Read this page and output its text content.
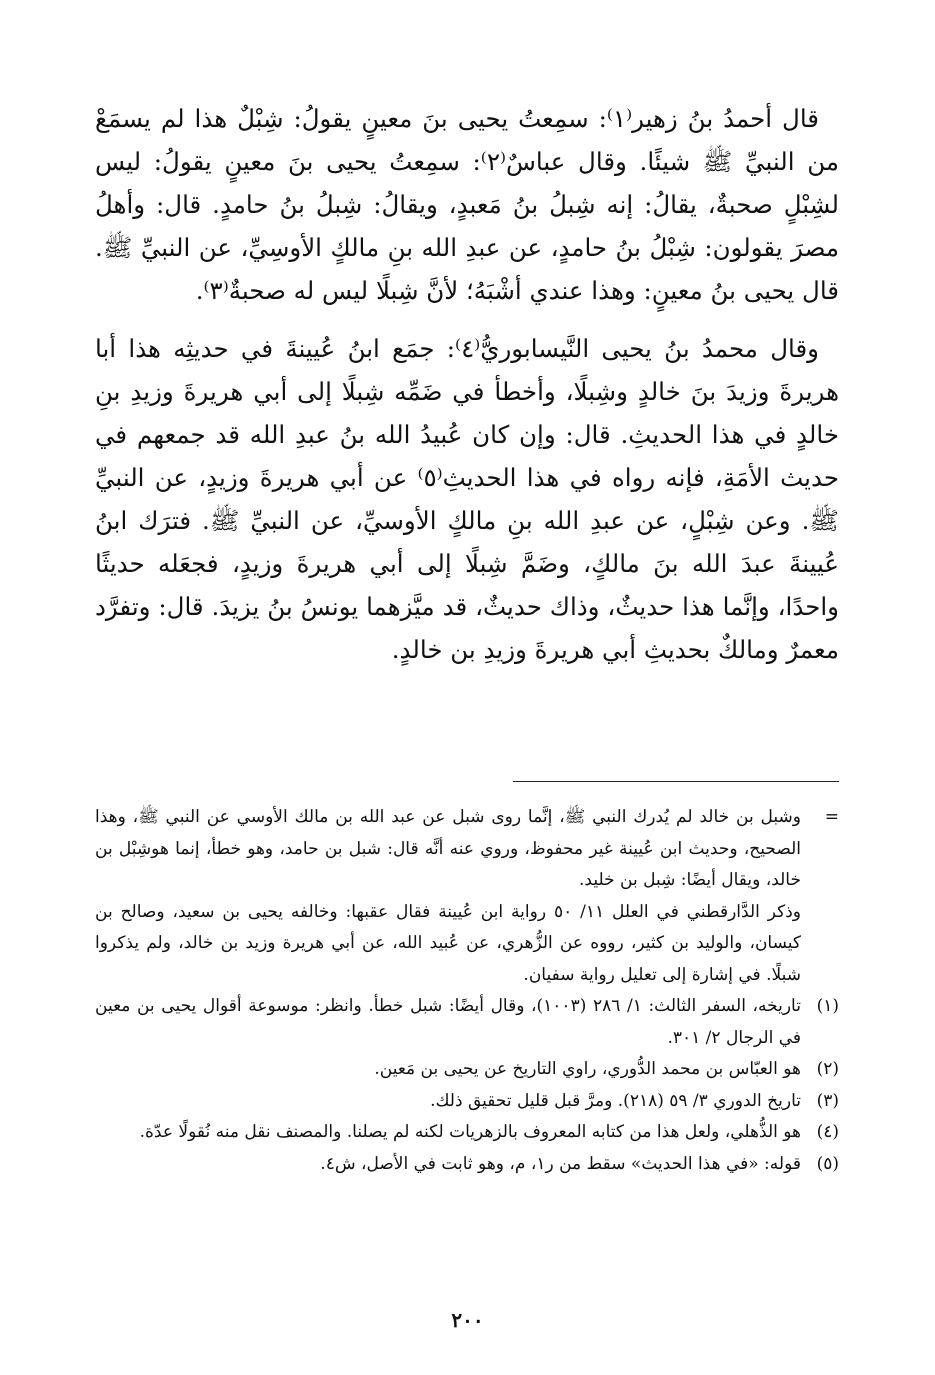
قال أحمدُ بنُ زهير⁽١⁾: سمِعتُ يحيى بنَ معينٍ يقولُ: شِبْلٌ هذا لم يسمَعْ من النبيِّ ﷺ شيئًا. وقال عباسٌ⁽٢⁾: سمِعتُ يحيى بنَ معينٍ يقولُ: ليس لشِبْلٍ صحبةٌ، يقالُ: إنه شِبلُ بنُ مَعبدٍ، ويقالُ: شِبلُ بنُ حامدٍ. قال: وأهلُ مصرَ يقولون: شِبْلُ بنُ حامدٍ، عن عبدِ الله بنِ مالكٍ الأوسِيِّ، عن النبيِّ ﷺ. قال يحيى بنُ معينٍ: وهذا عندي أشْبَهُ؛ لأنَّ شِبلًا ليس له صحبةٌ⁽٣⁾.

وقال محمدُ بنُ يحيى النَّيسابوريُّ⁽٤⁾: جمَع ابنُ عُيينةَ في حديثِه هذا أبا هريرةَ وزيدَ بنَ خالدٍ وشِبلًا، وأخطأ في ضَمِّه شِبلًا إلى أبي هريرةَ وزيدِ بنِ خالدٍ في هذا الحديثِ. قال: وإن كان عُبيدُ الله بنُ عبدِ الله قد جمعهم في حديث الأمَةِ، فإنه رواه في هذا الحديثِ⁽٥⁾ عن أبي هريرةَ وزيدٍ، عن النبيِّ ﷺ. وعن شِبْلٍ، عن عبدِ الله بنِ مالكٍ الأوسيِّ، عن النبيِّ ﷺ. فترَك ابنُ عُيينةَ عبدَ الله بنَ مالكٍ، وضَمَّ شِبلًا إلى أبي هريرةَ وزيدٍ، فجعَله حديثًا واحدًا، وإنَّما هذا حديثٌ، وذاك حديثٌ، قد ميَّزهما يونسُ بنُ يزيدَ. قال: وتفرَّد معمرٌ ومالكٌ بحديثِ أبي هريرةَ وزيدِ بن خالدٍ.

=
وشبل بن خالد لم يُدرك النبي ﷺ، إنَّما روى شبل عن عبد الله بن مالك الأوسي عن النبي ﷺ، وهذا الصحيح، وحديث ابن عُيينة غير محفوظ، وروي عنه أنَّه قال: شبل بن حامد، وهو خطأ، إنما هوشِبْل بن خالد، ويقال أيضًا: شِبل بن خليد.
وذكر الدَّارقطني في العلل ١١/ ٥٠ رواية ابن عُيينة فقال عقبها: وخالفه يحيى بن سعيد، وصالح بن كيسان، والوليد بن كثير، رووه عن الزُّهري، عن عُبيد الله، عن أبي هريرة وزيد بن خالد، ولم يذكروا شبلًا. في إشارة إلى تعليل رواية سفيان.
(١)
تاريخه، السفر الثالث: ١/ ٢٨٦ (١٠٠٣)، وقال أيضًا: شبل خطأ. وانظر: موسوعة أقوال يحيى بن معين في الرجال ٢/ ٣٠١.
(٢)
هو العبّاس بن محمد الدُّوري، راوي التاريخ عن يحيى بن مَعين.
(٣)
تاريخ الدوري ٣/ ٥٩ (٢١٨). ومرَّ قبل قليل تحقيق ذلك.
(٤)
هو الذُّهلي، ولعل هذا من كتابه المعروف بالزهريات لكنه لم يصلنا. والمصنف نقل منه نُقولًا عدّة.
(٥)
قوله: «في هذا الحديث» سقط من ر١، م، وهو ثابت في الأصل، ش٤.
٢٠٠
